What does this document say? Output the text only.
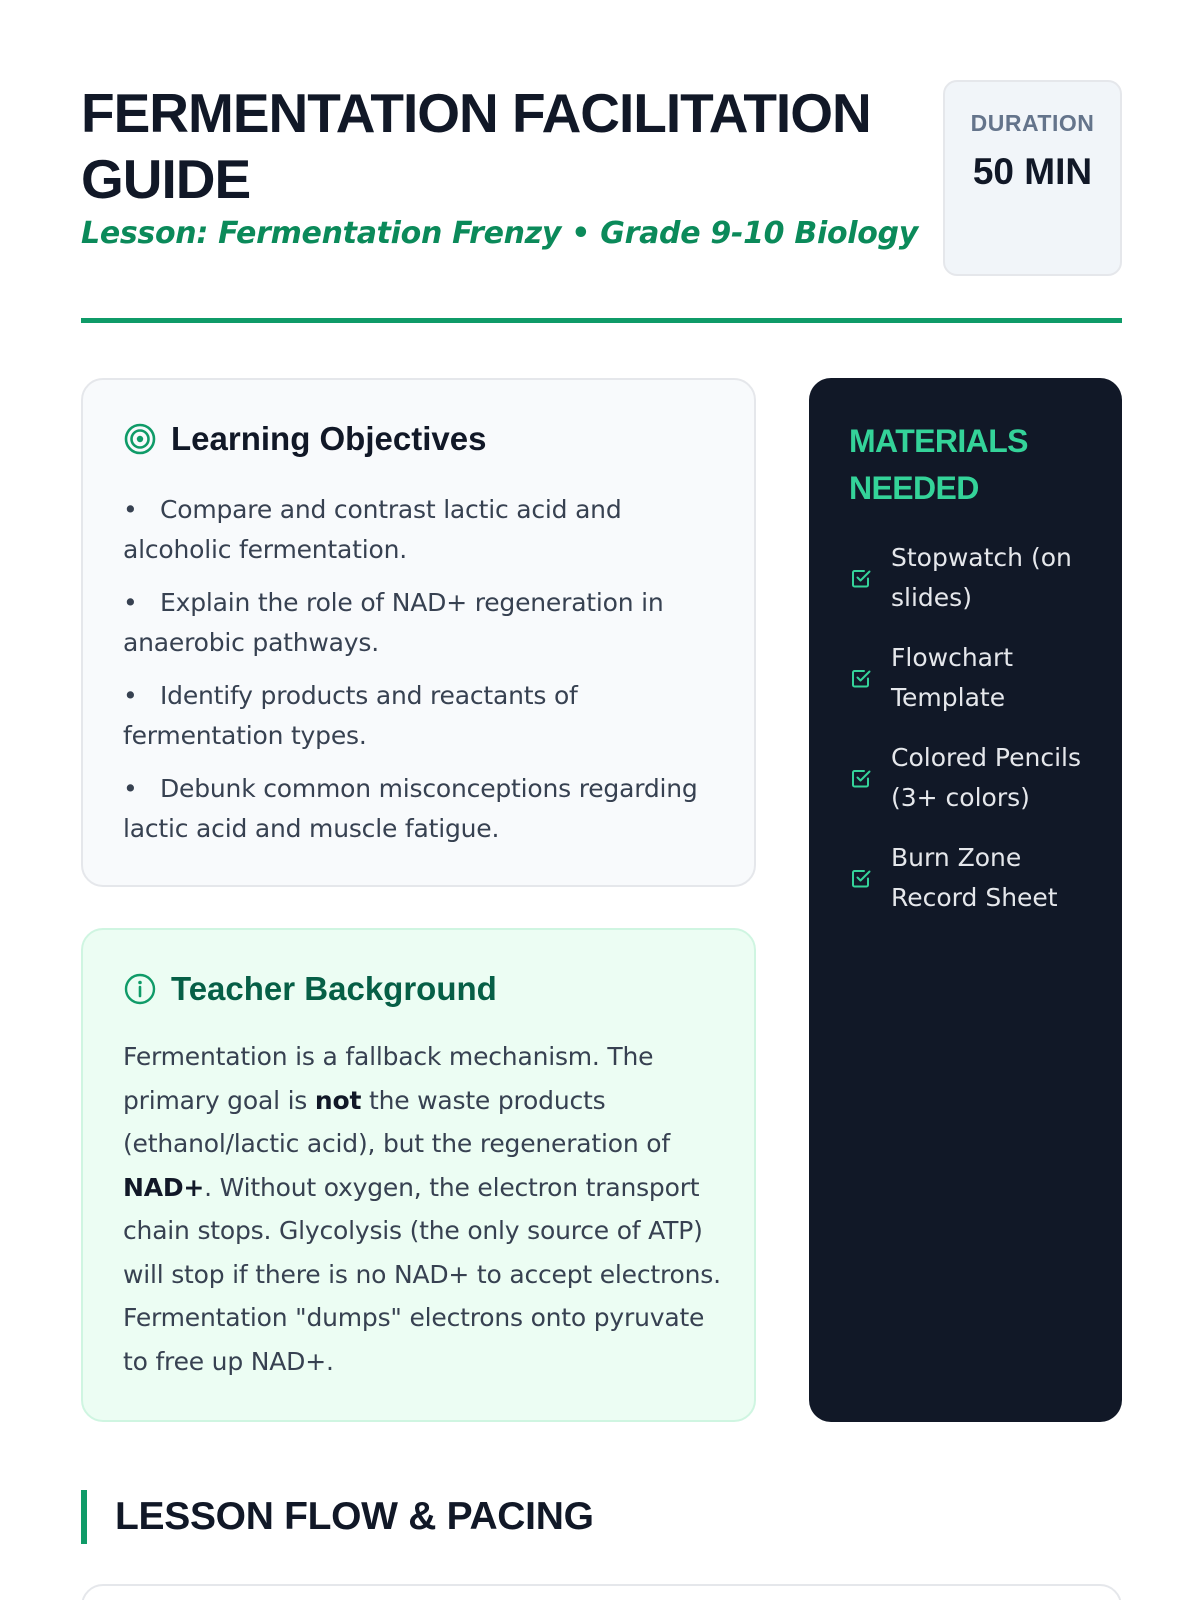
FERMENTATION FACILITATION GUIDE
Lesson: Fermentation Frenzy • Grade 9-10 Biology
DURATION
50 MIN
Learning Objectives
• Compare and contrast lactic acid and alcoholic fermentation.
• Explain the role of NAD+ regeneration in anaerobic pathways.
• Identify products and reactants of fermentation types.
• Debunk common misconceptions regarding lactic acid and muscle fatigue.
Teacher Background

Fermentation is a fallback mechanism. The primary goal is not the waste products (ethanol/lactic acid), but the regeneration of NAD+. Without oxygen, the electron transport chain stops. Glycolysis (the only source of ATP) will stop if there is no NAD+ to accept electrons. Fermentation "dumps" electrons onto pyruvate to free up NAD+.

MATERIALS NEEDED
Stopwatch (on slides)
Flowchart Template
Colored Pencils (3+ colors)
Burn Zone Record Sheet
LESSON FLOW & PACING
